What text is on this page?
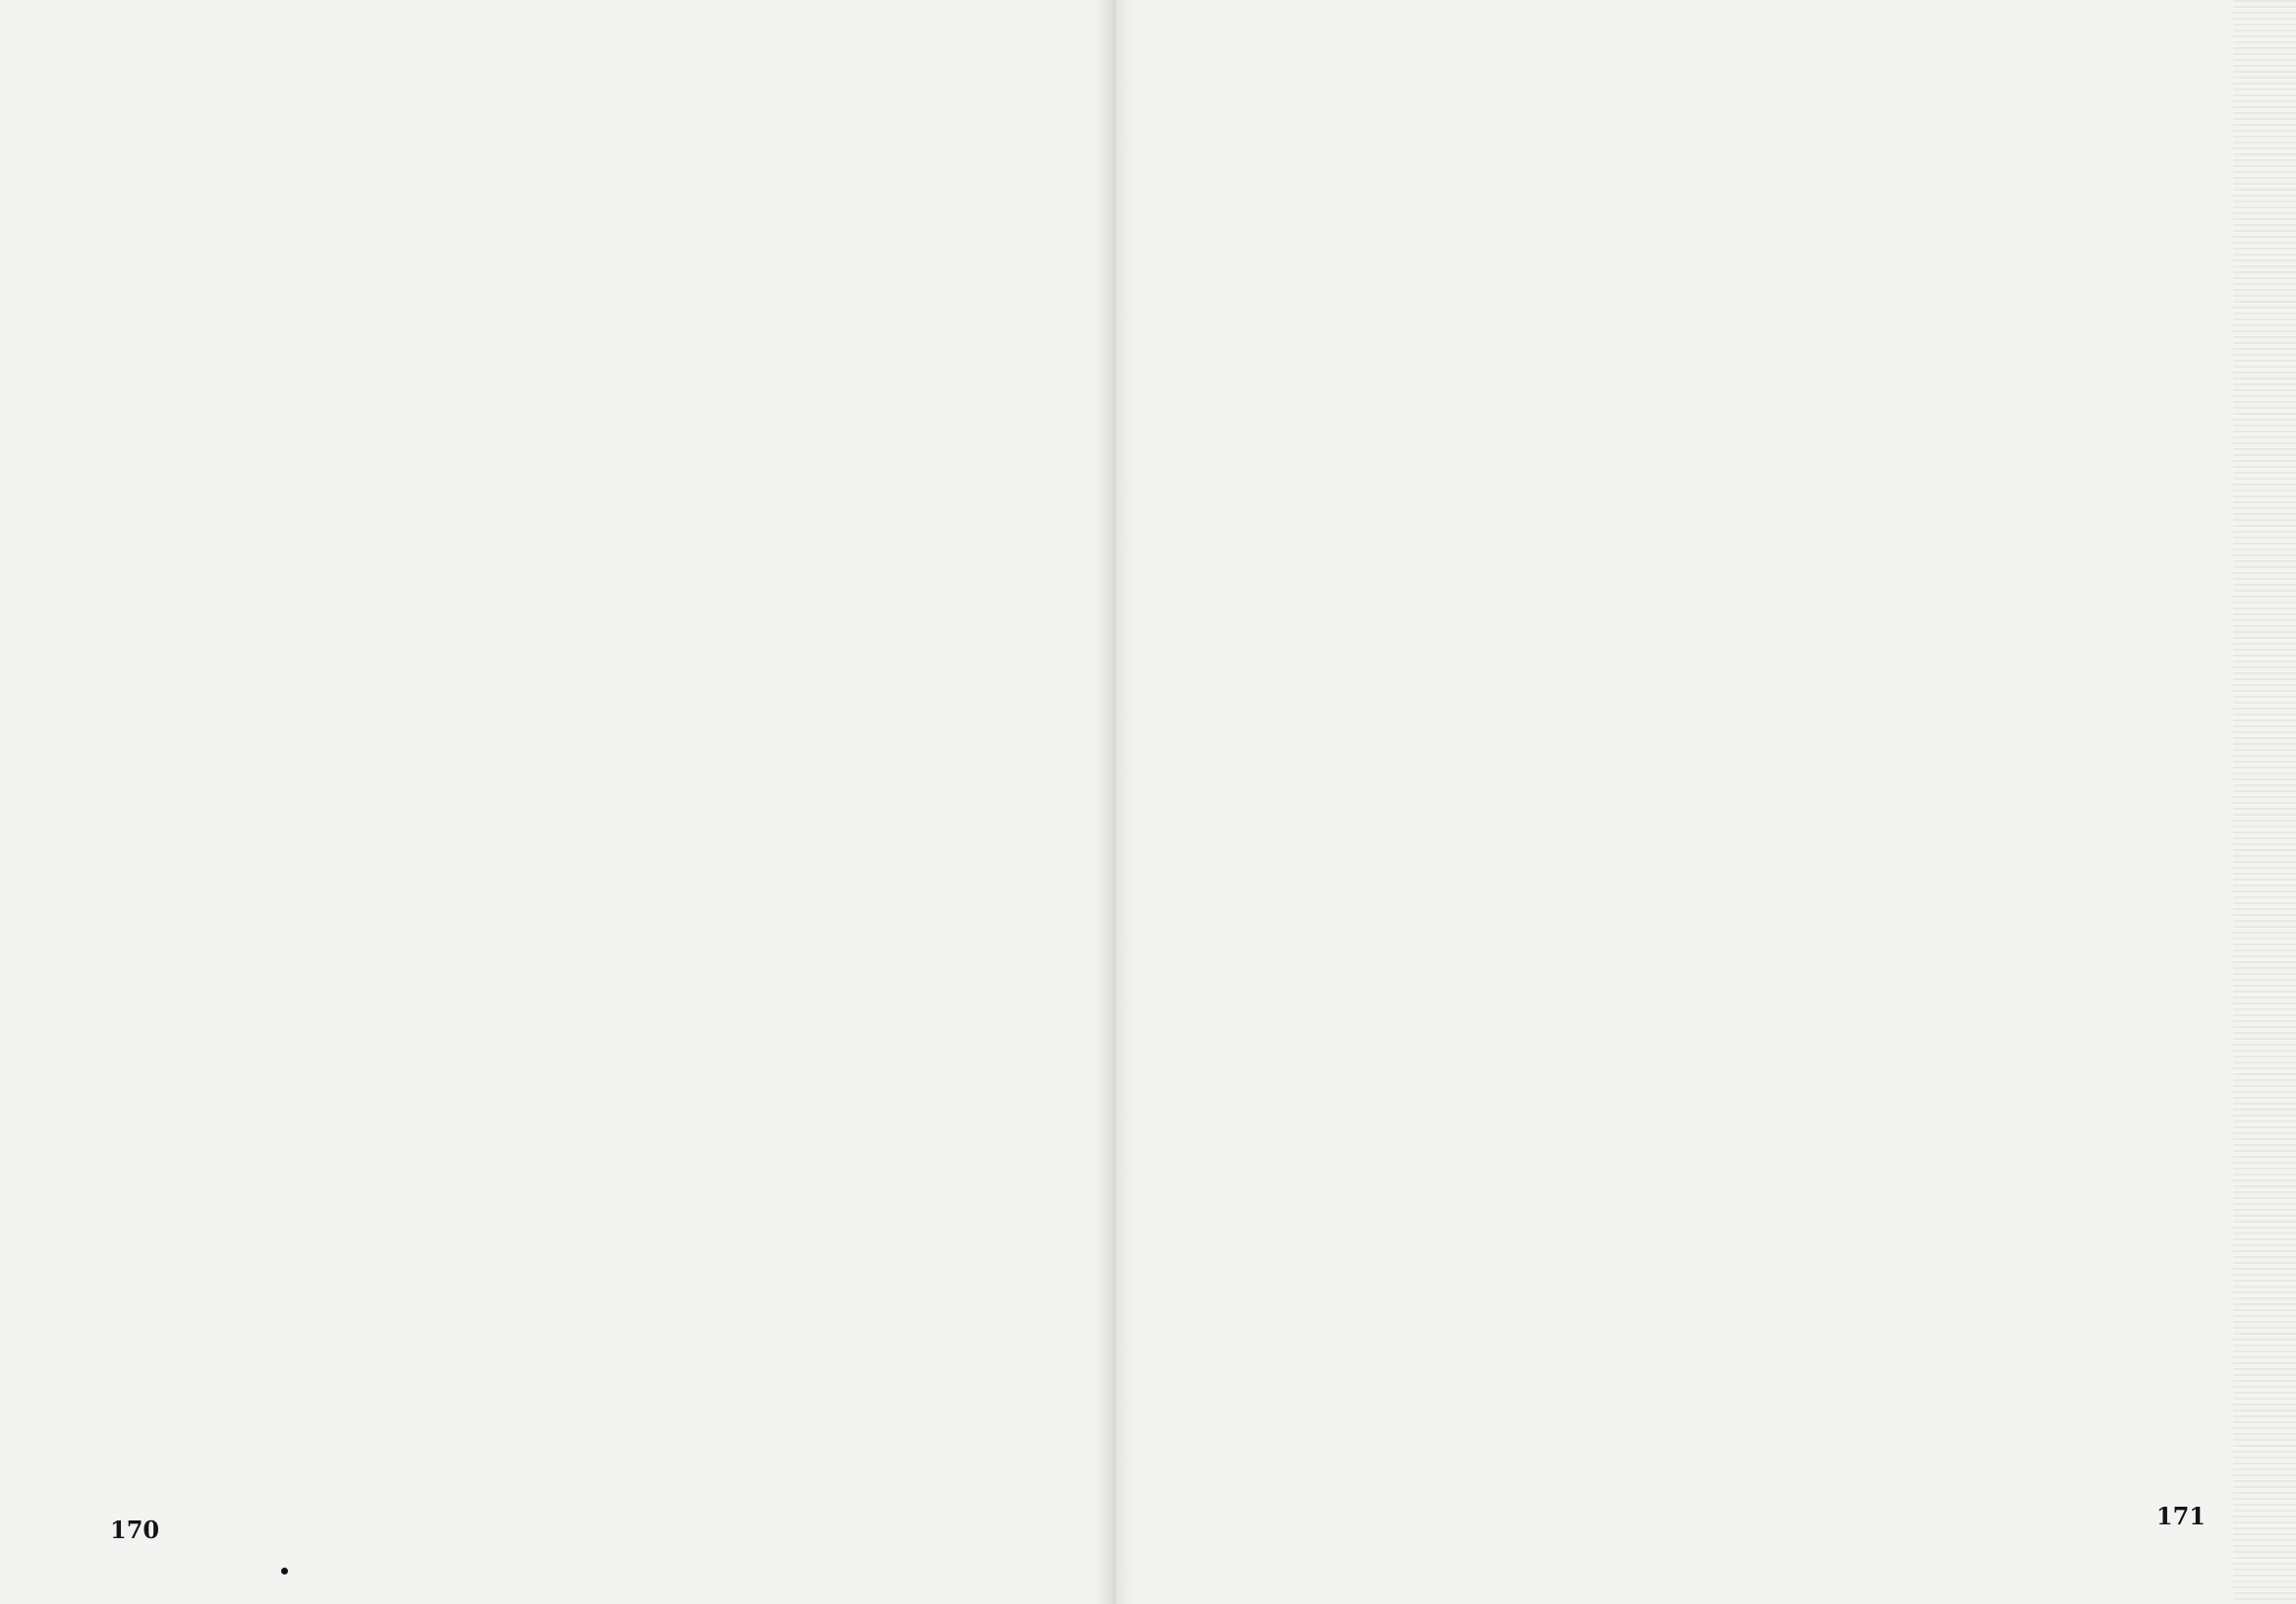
170	171
